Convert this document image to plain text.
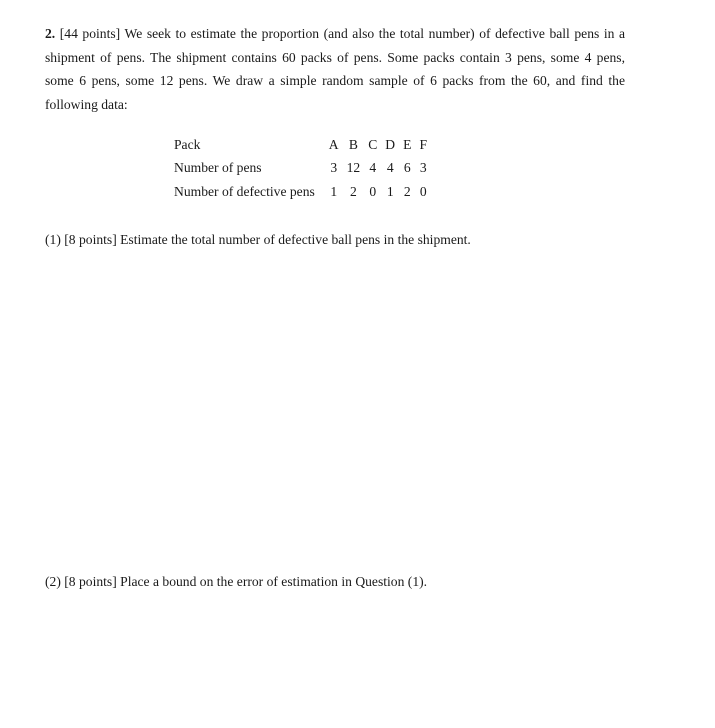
2. [44 points] We seek to estimate the proportion (and also the total number) of defective ball pens in a shipment of pens. The shipment contains 60 packs of pens. Some packs contain 3 pens, some 4 pens, some 6 pens, some 12 pens. We draw a simple random sample of 6 packs from the 60, and find the following data:
Pack	A	B	C	D	E	F
Number of pens	3	12	4	4	6	3
Number of defective pens	1	2	0	1	2	0
(1) [8 points] Estimate the total number of defective ball pens in the shipment.
(2) [8 points] Place a bound on the error of estimation in Question (1).
